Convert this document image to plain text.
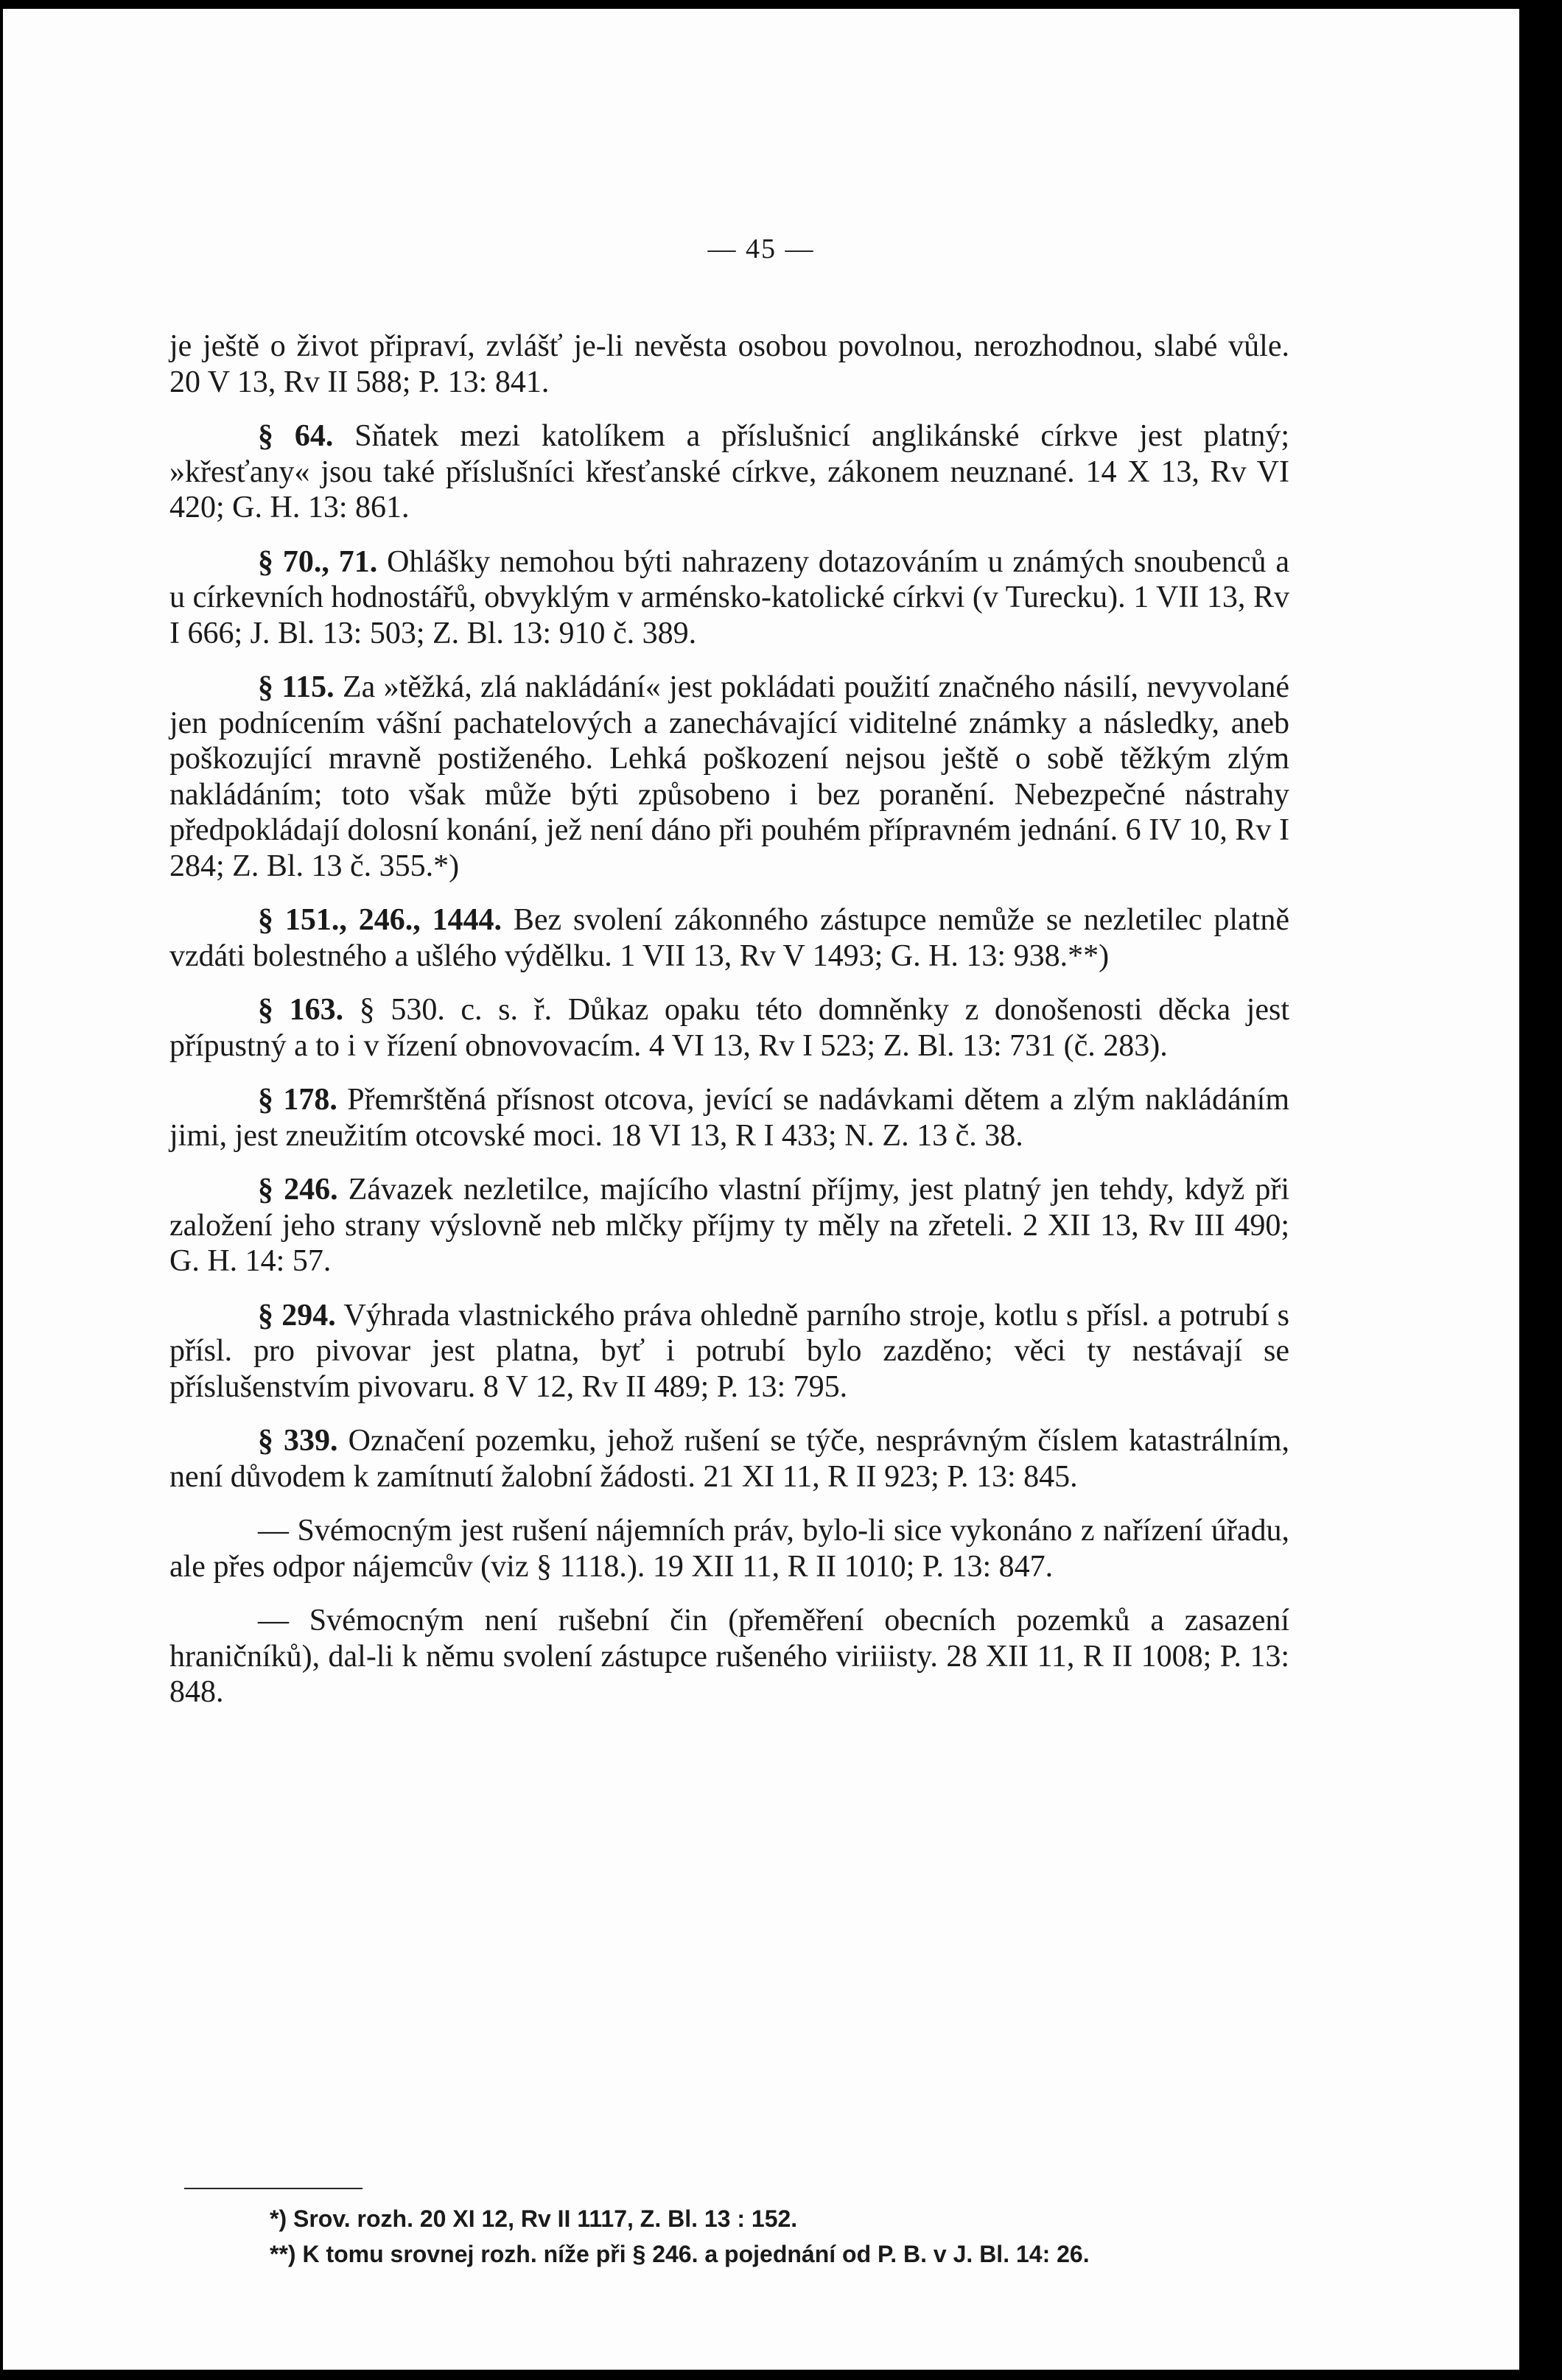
— 45 —

je ještě o život připraví, zvlášť je-li nevěsta osobou povolnou, nerozhodnou, slabé vůle. 20 V 13, Rv II 588; P. 13: 841.

§ 64. Sňatek mezi katolíkem a příslušnicí anglikánské církve jest platný; »křesťany« jsou také příslušníci křesťanské církve, zákonem neuznané. 14 X 13, Rv VI 420; G. H. 13: 861.

§ 70., 71. Ohlášky nemohou býti nahrazeny dotazováním u známých snoubenců a u církevních hodnostářů, obvyklým v arménsko-katolické církvi (v Turecku). 1 VII 13, Rv I 666; J. Bl. 13: 503; Z. Bl. 13: 910 č. 389.

§ 115. Za »těžká, zlá nakládání« jest pokládati použití značného násilí, nevyvolané jen podnícením vášní pachatelových a zanechávající viditelné známky a následky, aneb poškozující mravně postiženého. Lehká poškození nejsou ještě o sobě těžkým zlým nakládáním; toto však může býti způsobeno i bez poranění. Nebezpečné nástrahy předpokládají dolosní konání, jež není dáno při pouhém přípravném jednání. 6 IV 10, Rv I 284; Z. Bl. 13 č. 355.*)

§ 151., 246., 1444. Bez svolení zákonného zástupce nemůže se nezletilec platně vzdáti bolestného a ušlého výdělku. 1 VII 13, Rv V 1493; G. H. 13: 938.**)

§ 163. § 530. c. s. ř. Důkaz opaku této domněnky z donošenosti děcka jest přípustný a to i v řízení obnovovacím. 4 VI 13, Rv I 523; Z. Bl. 13: 731 (č. 283).

§ 178. Přemrštěná přísnost otcova, jevící se nadávkami dětem a zlým nakládáním jimi, jest zneužitím otcovské moci. 18 VI 13, R I 433; N. Z. 13 č. 38.

§ 246. Závazek nezletilce, majícího vlastní příjmy, jest platný jen tehdy, když při založení jeho strany výslovně neb mlčky příjmy ty měly na zřeteli. 2 XII 13, Rv III 490; G. H. 14: 57.

§ 294. Výhrada vlastnického práva ohledně parního stroje, kotlu s přísl. a potrubí s přísl. pro pivovar jest platna, byť i potrubí bylo zazděno; věci ty nestávají se příslušenstvím pivovaru. 8 V 12, Rv II 489; P. 13: 795.

§ 339. Označení pozemku, jehož rušení se týče, nesprávným číslem katastrálním, není důvodem k zamítnutí žalobní žádosti. 21 XI 11, R II 923; P. 13: 845.

— Svémocným jest rušení nájemních práv, bylo-li sice vykonáno z nařízení úřadu, ale přes odpor nájemcův (viz § 1118.). 19 XII 11, R II 1010; P. 13: 847.

— Svémocným není rušební čin (přeměření obecních pozemků a zasazení hraničníků), dal-li k němu svolení zástupce rušeného viriiisty. 28 XII 11, R II 1008; P. 13: 848.

*) Srov. rozh. 20 XI 12, Rv II 1117, Z. Bl. 13 : 152.

**) K tomu srovnej rozh. níže při § 246. a pojednání od P. B. v J. Bl. 14: 26.
